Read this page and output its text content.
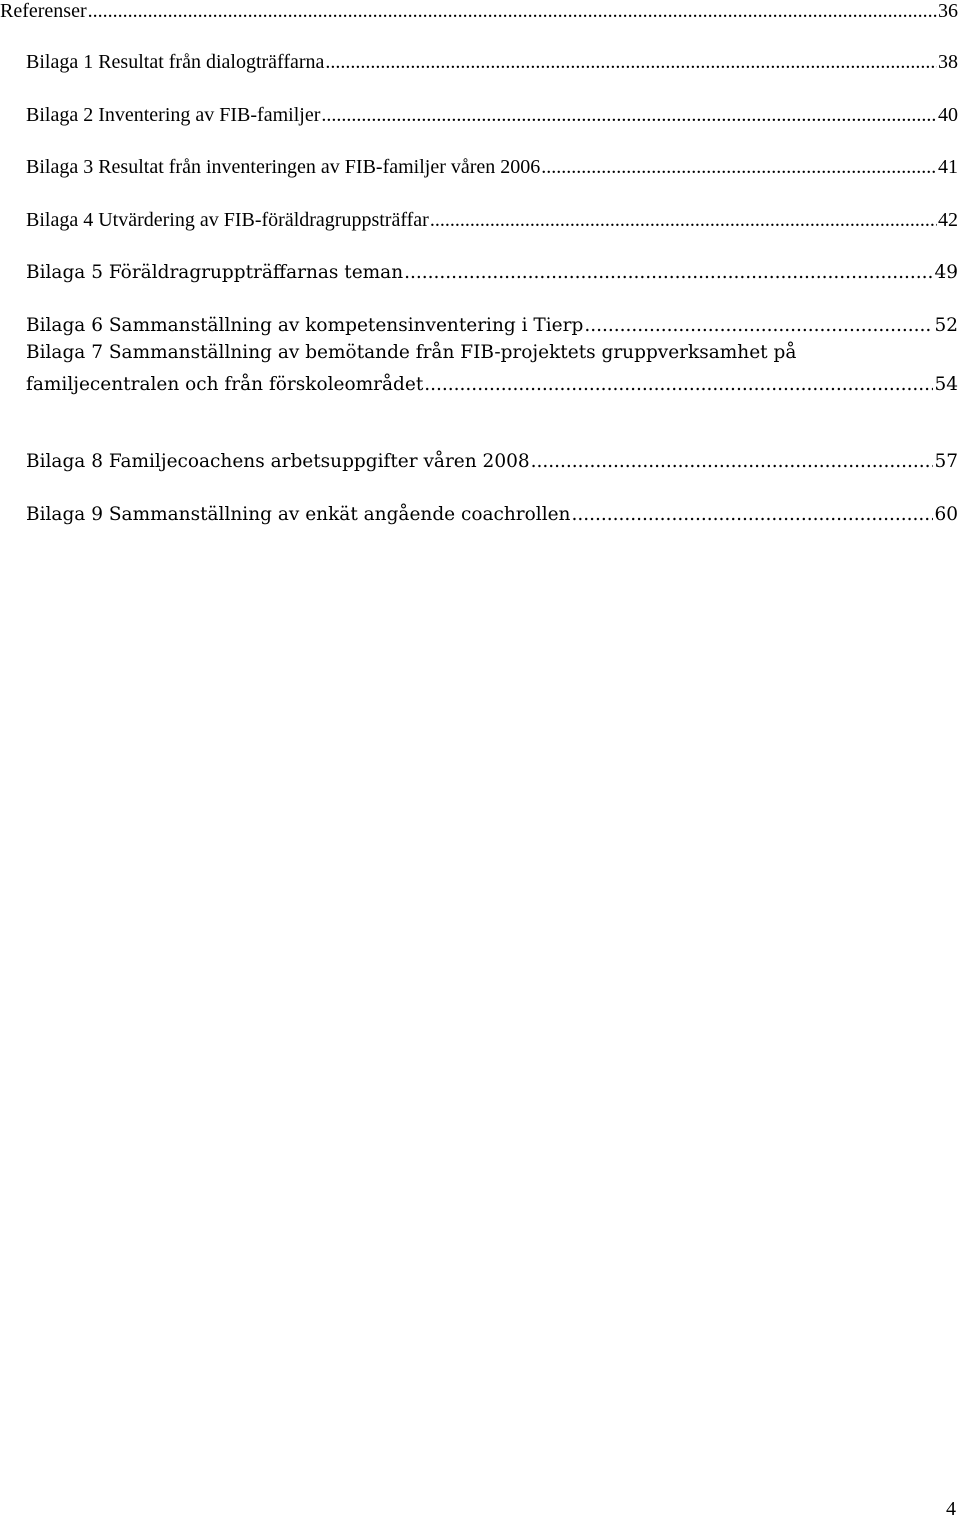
Referenser .....	36
Bilaga 1 Resultat från dialogträffarna .....	38
Bilaga 2 Inventering av FIB-familjer .....	40
Bilaga 3 Resultat från inventeringen av FIB-familjer våren 2006 .....	41
Bilaga 4 Utvärdering av FIB-föräldragruppsträffar .....	42
Bilaga 5 Föräldragruppträffarnas teman .....	49
Bilaga 6 Sammanställning av kompetensinventering i Tierp .....	52
Bilaga 7 Sammanställning av bemötande från FIB-projektets gruppverksamhet på
familjecentralen och från förskoleområdet .....	54
Bilaga 8 Familjecoachens arbetsuppgifter våren 2008 .....	57
Bilaga 9 Sammanställning av enkät angående coachrollen .....	60
4
